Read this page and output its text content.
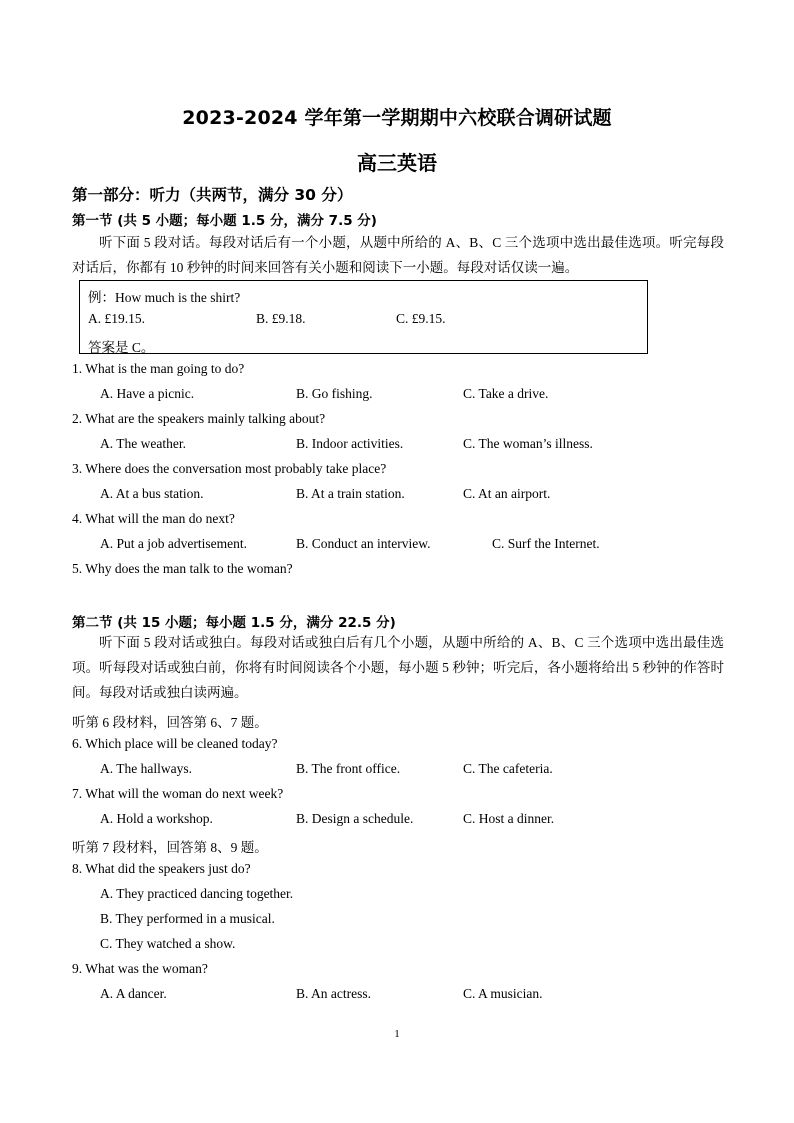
2023-2024 学年第一学期期中六校联合调研试题
高三英语
第一部分：听力（共两节，满分 30 分）
第一节 (共 5 小题；每小题 1.5 分，满分 7.5 分)
听下面 5 段对话。每段对话后有一个小题，从题中所给的 A、B、C 三个选项中选出最佳选项。听完每段对话后，你都有 10 秒钟的时间来回答有关小题和阅读下一小题。每段对话仅读一遍。
例：How much is the shirt?
A. £19.15.	B. £9.18.	C. £9.15.
答案是 C。
1. What is the man going to do?
A. Have a picnic.	B. Go fishing.	C. Take a drive.
2. What are the speakers mainly talking about?
A. The weather.	B. Indoor activities.	C. The woman’s illness.
3. Where does the conversation most probably take place?
A. At a bus station.	B. At a train station.	C. At an airport.
4. What will the man do next?
A. Put a job advertisement.	B. Conduct an interview.	C. Surf the Internet.
5. Why does the man talk to the woman?
第二节 (共 15 小题；每小题 1.5 分，满分 22.5 分)
听下面 5 段对话或独白。每段对话或独白后有几个小题，从题中所给的 A、B、C 三个选项中选出最佳选项。听每段对话或独白前，你将有时间阅读各个小题，每小题 5 秒钟；听完后，各小题将给出 5 秒钟的作答时间。每段对话或独白读两遍。
听第 6 段材料，回答第 6、7 题。
6. Which place will be cleaned today?
A. The hallways.	B. The front office.	C. The cafeteria.
7. What will the woman do next week?
A. Hold a workshop.	B. Design a schedule.	C. Host a dinner.
听第 7 段材料，回答第 8、9 题。
8. What did the speakers just do?
A. They practiced dancing together.
B. They performed in a musical.
C. They watched a show.
9. What was the woman?
A. A dancer.	B. An actress.	C. A musician.
1
